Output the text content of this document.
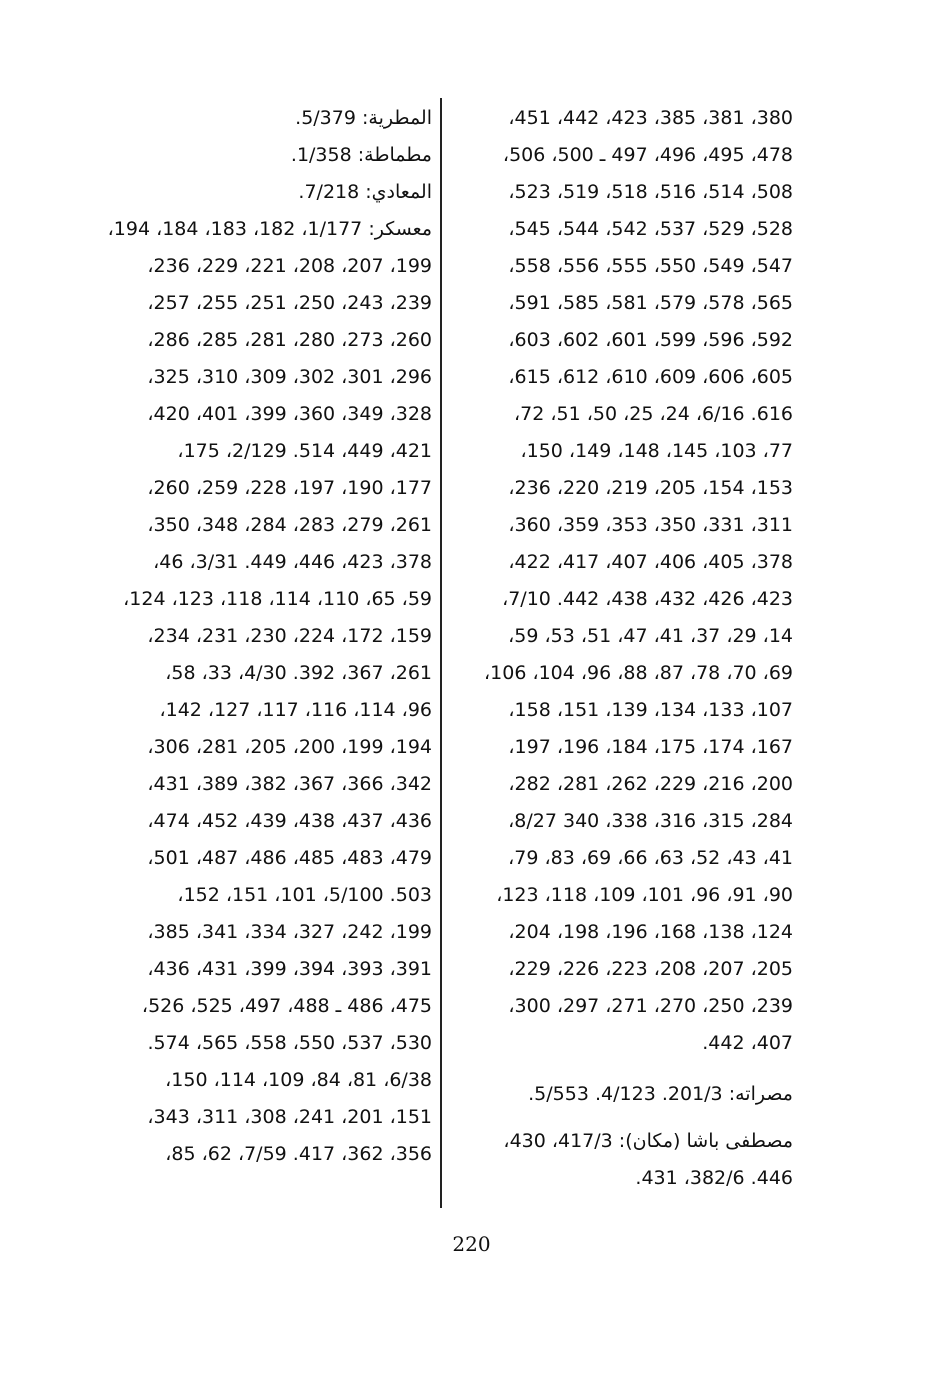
380، 381، 385، 423، 442، 451،
478، 495، 496، 497 ـ 500، 506،
508، 514، 516، 518، 519، 523،
528، 529، 537، 542، 544، 545،
547، 549، 550، 555، 556، 558،
565، 578، 579، 581، 585، 591،
592، 596، 599، 601، 602، 603،
605، 606، 609، 610، 612، 615،
616. 6/16، 24، 25، 50، 51، 72،
77، 103، 145، 148، 149، 150،
153، 154، 205، 219، 220، 236،
311، 331، 350، 353، 359، 360،
378، 405، 406، 407، 417، 422،
423، 426، 432، 438، 442. 7/10،
14، 29، 37، 41، 47، 51، 53، 59،
69، 70، 78، 87، 88، 96، 104، 106،
107، 133، 134، 139، 151، 158،
167، 174، 175، 184، 196، 197،
200، 216، 229، 262، 281، 282،
284، 315، 316، 338، 340 8/27،
41، 43، 52، 63، 66، 69، 83، 79،
90، 91، 96، 101، 109، 118، 123،
124، 138، 168، 196، 198، 204،
205، 207، 208، 223، 226، 229،
239، 250، 270، 271، 297، 300،
407، 442.
مصراته: 201/3. 4/123. 5/553.
مصطفى باشا (مكان): 417/3، 430،
446. 382/6، 431.
المطرية: 5/379.
مطماطة: 1/358.
المعادي: 7/218.
معسكر: 1/177، 182، 183، 184، 194،
199، 207، 208، 221، 229، 236،
239، 243، 250، 251، 255، 257،
260، 273، 280، 281، 285، 286،
296، 301، 302، 309، 310، 325،
328، 349، 360، 399، 401، 420،
421، 449، 514. 2/129، 175،
177، 190، 197، 228، 259، 260،
261، 279، 283، 284، 348، 350،
378، 423، 446، 449. 3/31، 46،
59، 65، 110، 114، 118، 123، 124،
159، 172، 224، 230، 231، 234،
261، 367، 392. 4/30، 33، 58،
96، 114، 116، 117، 127، 142،
194، 199، 200، 205، 281، 306،
342، 366، 367، 382، 389، 431،
436، 437، 438، 439، 452، 474،
479، 483، 485، 486، 487، 501،
503. 5/100، 101، 151، 152،
199، 242، 327، 334، 341، 385،
391، 393، 394، 399، 431، 436،
475، 486 ـ 488، 497، 525، 526،
530، 537، 550، 558، 565، 574.
6/38، 81، 84، 109، 114، 150،
151، 201، 241، 308، 311، 343،
356، 362، 417. 7/59، 62، 85،
220
